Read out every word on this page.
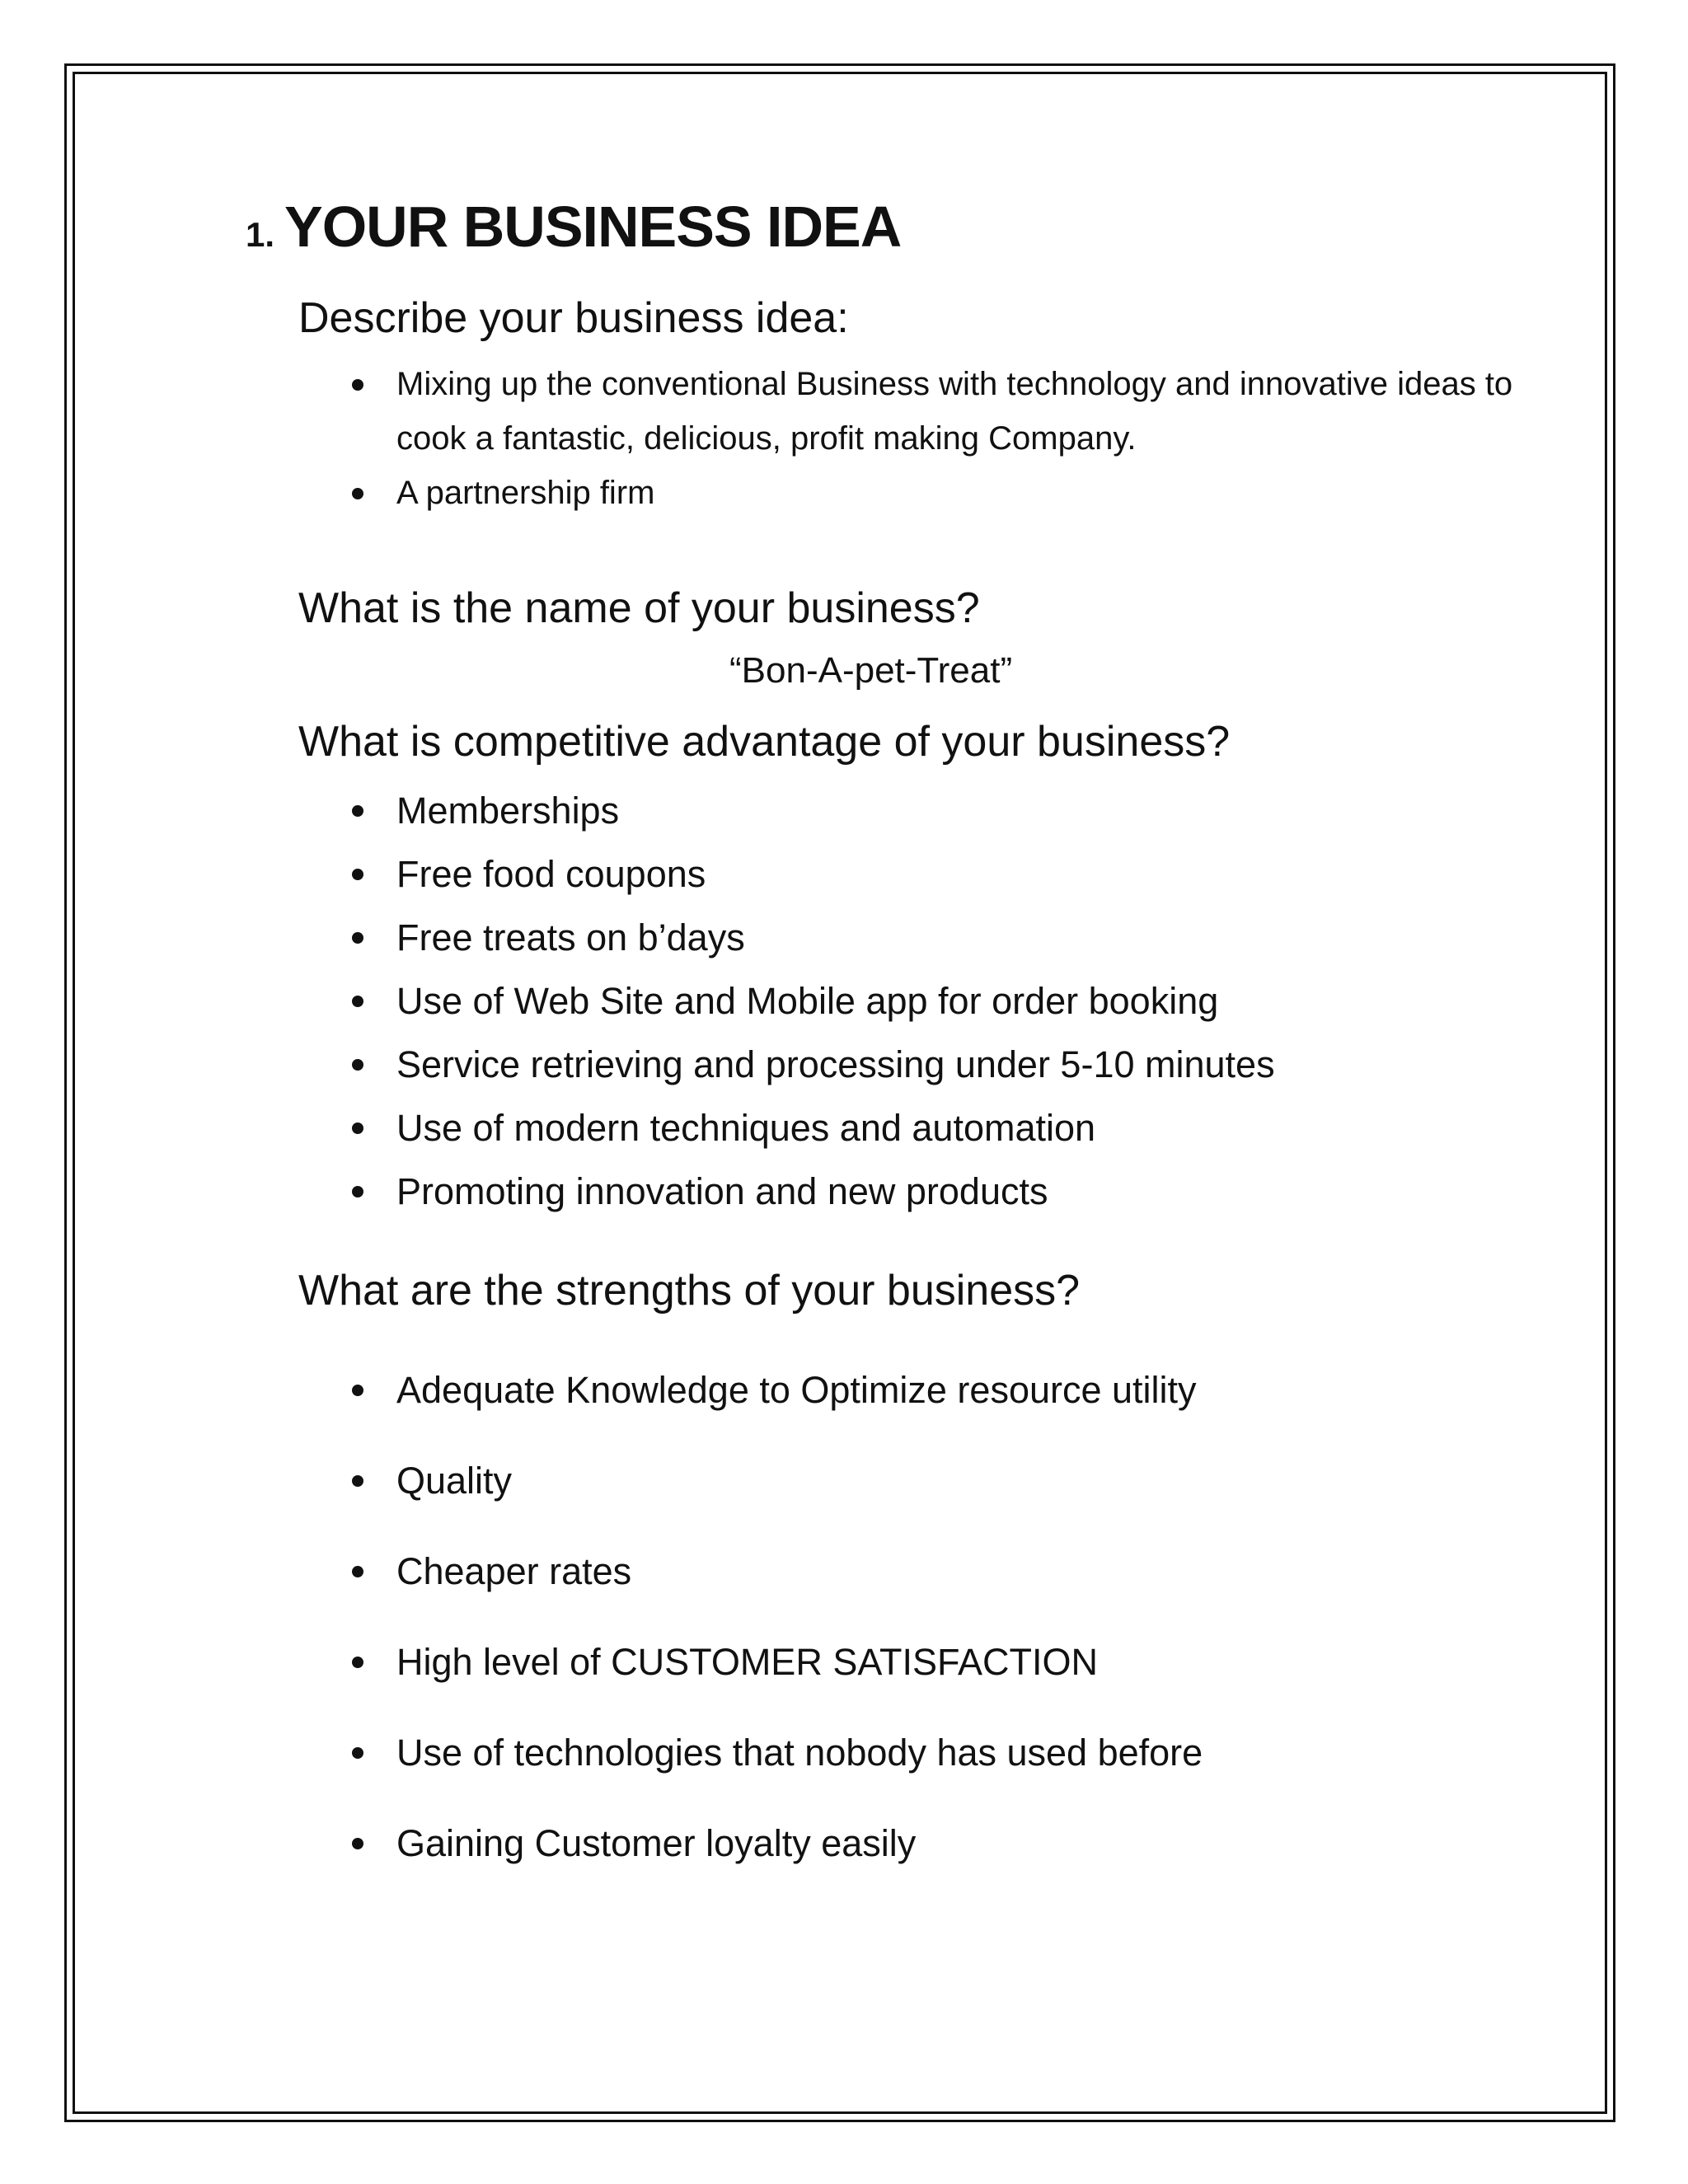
1. YOUR BUSINESS IDEA
Describe your business idea:
Mixing up the conventional Business with technology and innovative ideas to cook a fantastic, delicious, profit making Company.
A partnership firm
What is the name of your business?

“Bon-A-pet-Treat”

What is competitive advantage of your business?
Memberships
Free food coupons
Free treats on b’days
Use of Web Site and Mobile app for order booking
Service retrieving and processing under 5-10 minutes
Use of modern techniques and automation
Promoting innovation and new products
What are the strengths of your business?
Adequate Knowledge to Optimize resource utility
Quality
Cheaper rates
High level of CUSTOMER SATISFACTION
Use of technologies that nobody has used before
Gaining Customer loyalty easily
